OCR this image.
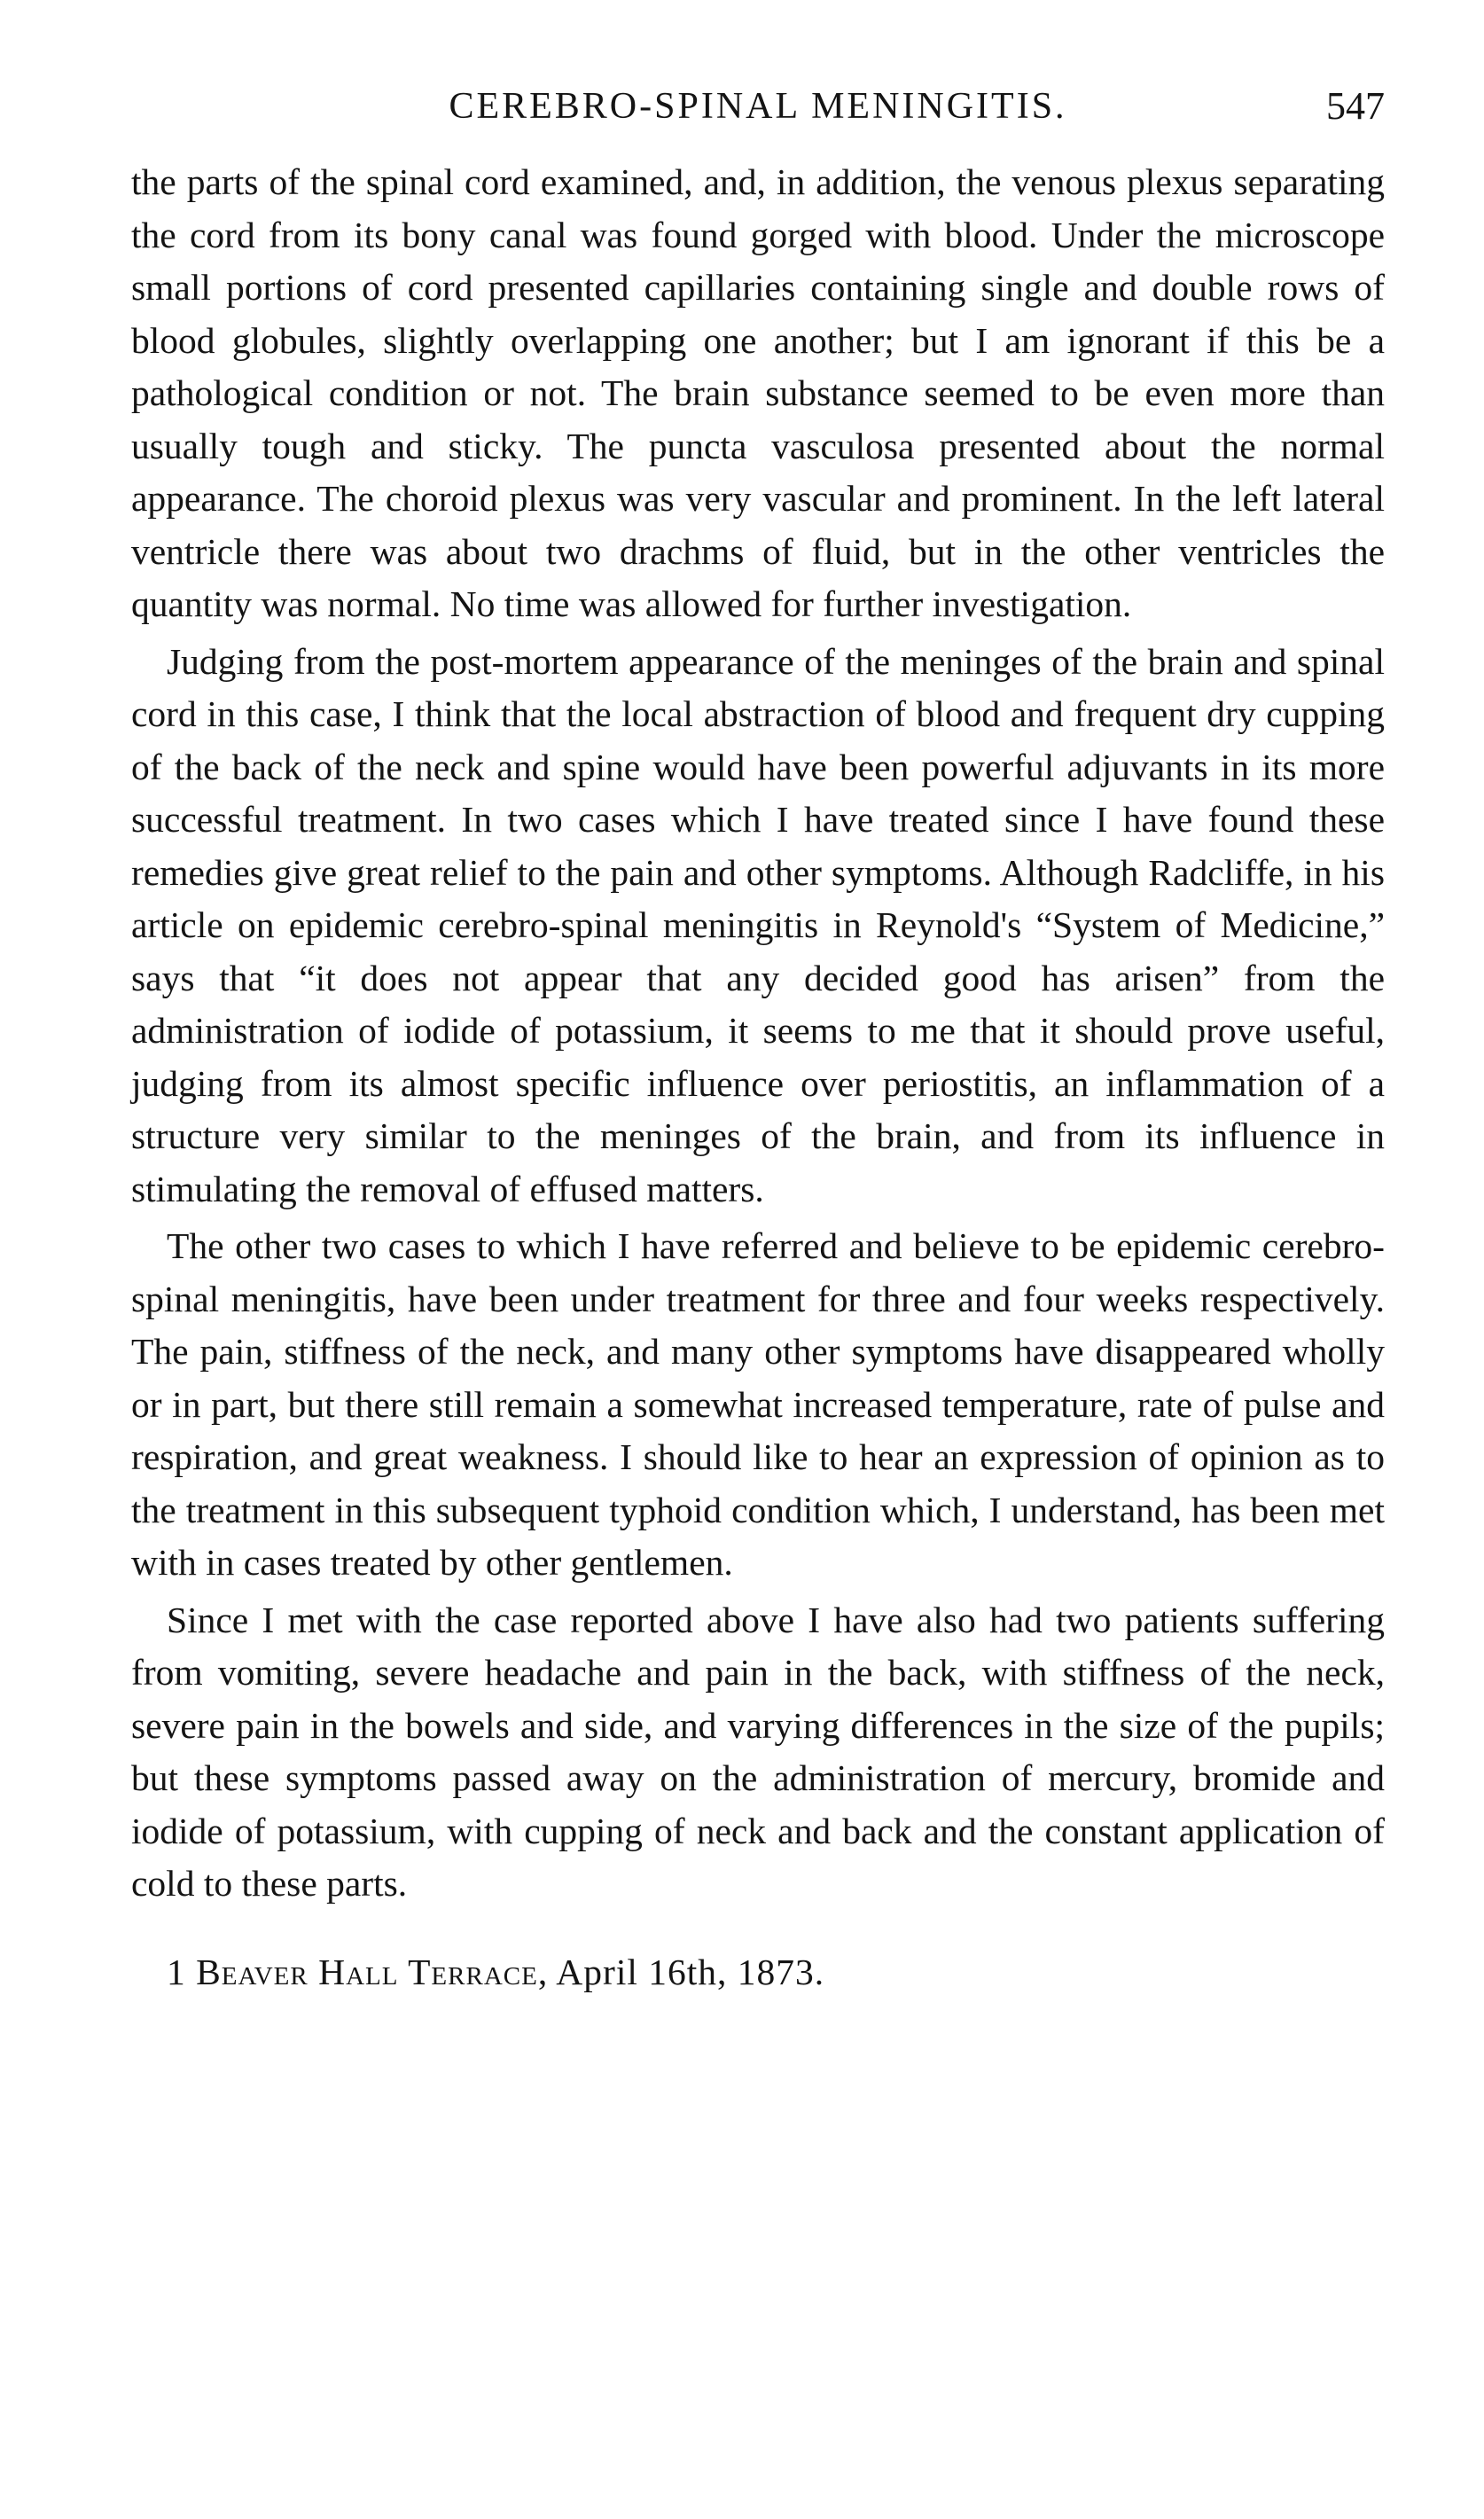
CEREBRO-SPINAL MENINGITIS.	547

the parts of the spinal cord examined, and, in addition, the venous plexus separating the cord from its bony canal was found gorged with blood. Under the microscope small portions of cord presented capillaries containing single and double rows of blood globules, slightly overlapping one another; but I am ignorant if this be a pathological condition or not. The brain substance seemed to be even more than usually tough and sticky. The puncta vasculosa presented about the normal appearance. The choroid plexus was very vascular and prominent. In the left lateral ventricle there was about two drachms of fluid, but in the other ventricles the quantity was normal. No time was allowed for further investigation.

Judging from the post-mortem appearance of the meninges of the brain and spinal cord in this case, I think that the local abstraction of blood and frequent dry cupping of the back of the neck and spine would have been powerful adjuvants in its more successful treatment. In two cases which I have treated since I have found these remedies give great relief to the pain and other symptoms. Although Radcliffe, in his article on epidemic cerebro-spinal meningitis in Reynold's “System of Medicine,” says that “it does not appear that any decided good has arisen” from the administration of iodide of potassium, it seems to me that it should prove useful, judging from its almost specific influence over periostitis, an inflammation of a structure very similar to the meninges of the brain, and from its influence in stimulating the removal of effused matters.

The other two cases to which I have referred and believe to be epidemic cerebro-spinal meningitis, have been under treatment for three and four weeks respectively. The pain, stiffness of the neck, and many other symptoms have disappeared wholly or in part, but there still remain a somewhat increased temperature, rate of pulse and respiration, and great weakness. I should like to hear an expression of opinion as to the treatment in this subsequent typhoid condition which, I understand, has been met with in cases treated by other gentlemen.

Since I met with the case reported above I have also had two patients suffering from vomiting, severe headache and pain in the back, with stiffness of the neck, severe pain in the bowels and side, and varying differences in the size of the pupils; but these symptoms passed away on the administration of mercury, bromide and iodide of potassium, with cupping of neck and back and the constant application of cold to these parts.

1 Beaver Hall Terrace, April 16th, 1873.
